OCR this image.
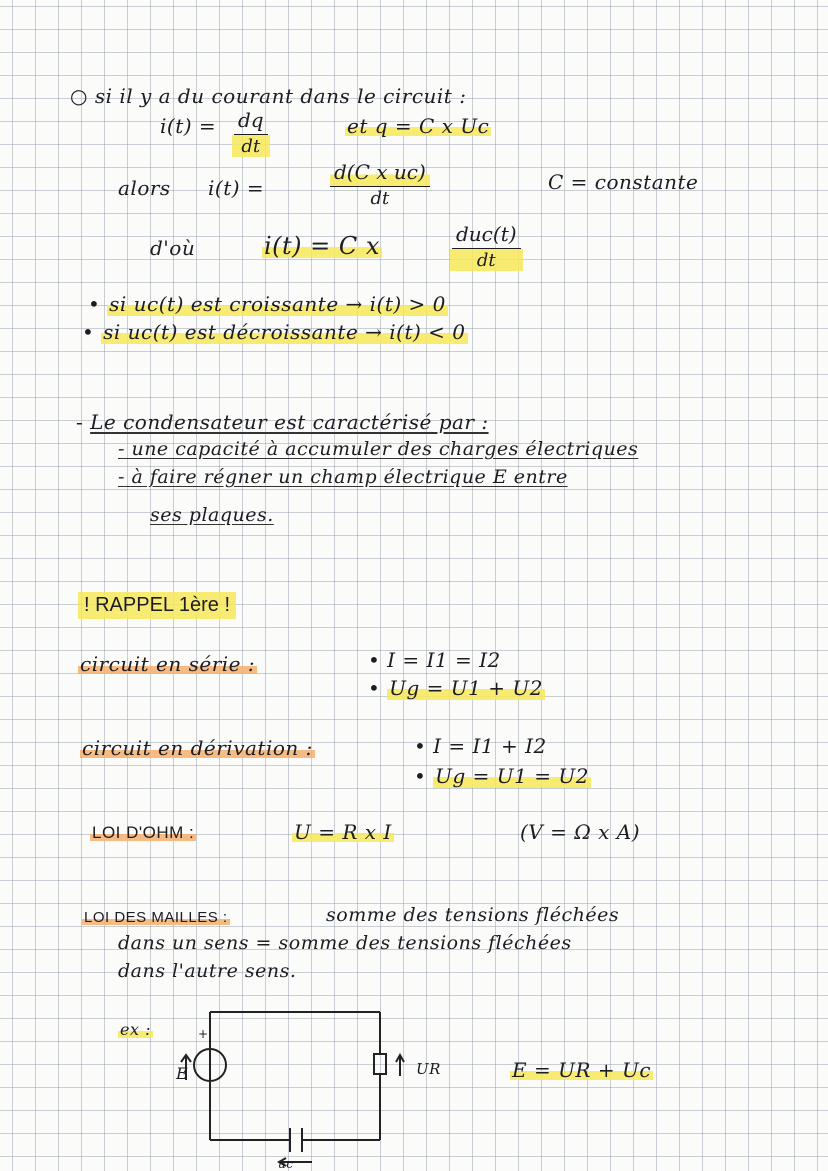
○ si il y a du courant dans le circuit :
$i(t) = \frac{dq}{dt}$	et q = C x Uc
alors i(t) =	$\frac{\text{d(C x uc)}}{dt}$	C = constante
d'où	i(t) = C x	duc(t)
dt
• si uc(t) est croissante → i(t) > 0
• si uc(t) est décroissante → i(t) < 0
- Le condensateur est caractérisé par :
- une capacité à accumuler des charges électriques
- à faire régner un champ électrique E entre
ses plaques.
! RAPPEL 1ère !
circuit en série :	• I = I1 = I2
• Ug = U1 + U2
circuit en dérivation :	• I = I1 + I2
• Ug = U1 = U2
LOI D'OHM :	U = R x I	(V = Ω x A)
LOI DES MAILLES :	somme des tensions fléchées
dans un sens = somme des tensions fléchées
dans l'autre sens.
ex :	+
E	UR
uc
E = UR + Uc
